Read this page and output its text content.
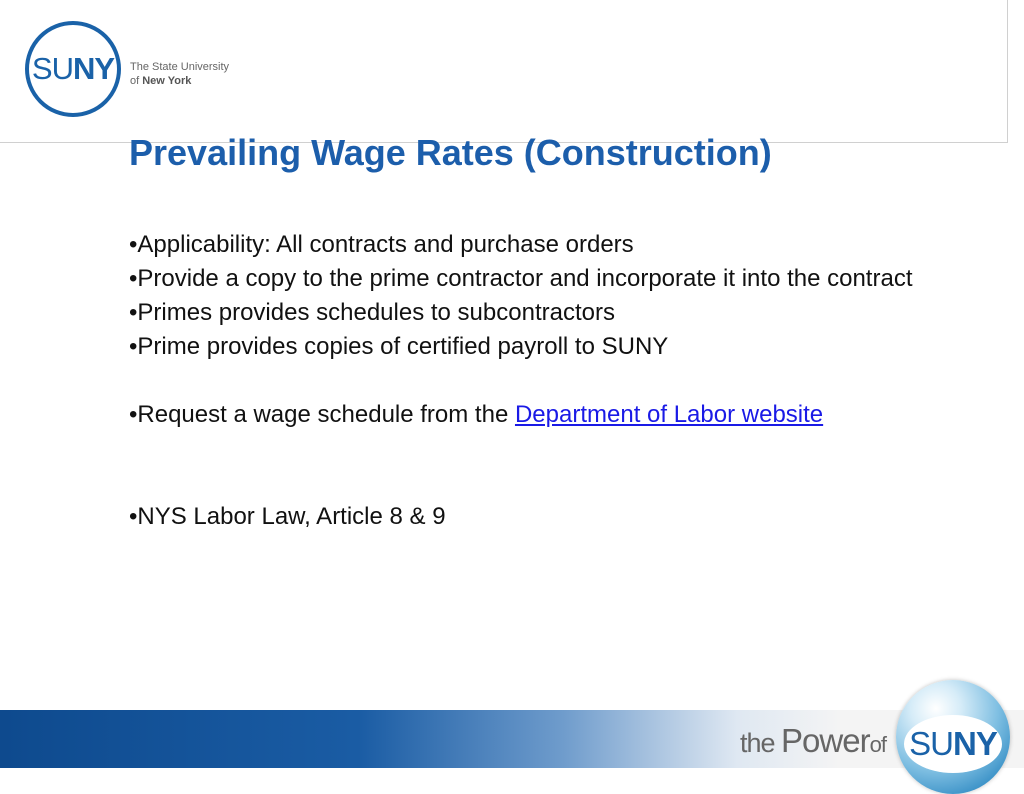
SUNY The State University
of New York
Prevailing Wage Rates (Construction)

•Applicability: All contracts and purchase orders

•Provide a copy to the prime contractor and incorporate it into the contract

•Primes provides schedules to subcontractors

•Prime provides copies of certified payroll to SUNY

•Request a wage schedule from the Department of Labor website

•NYS Labor Law, Article 8 & 9

the Powerof SUNY
